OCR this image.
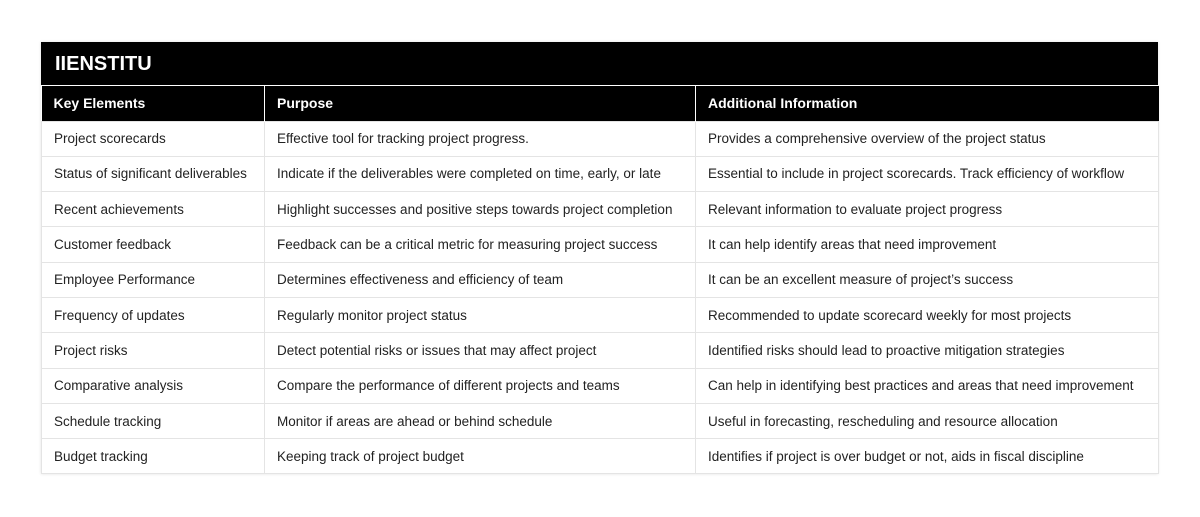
IIENSTITU
Key Elements	Purpose	Additional Information
Project scorecards	Effective tool for tracking project progress.	Provides a comprehensive overview of the project status
Status of significant deliverables	Indicate if the deliverables were completed on time, early, or late	Essential to include in project scorecards. Track efficiency of workflow
Recent achievements	Highlight successes and positive steps towards project completion	Relevant information to evaluate project progress
Customer feedback	Feedback can be a critical metric for measuring project success	It can help identify areas that need improvement
Employee Performance	Determines effectiveness and efficiency of team	It can be an excellent measure of project’s success
Frequency of updates	Regularly monitor project status	Recommended to update scorecard weekly for most projects
Project risks	Detect potential risks or issues that may affect project	Identified risks should lead to proactive mitigation strategies
Comparative analysis	Compare the performance of different projects and teams	Can help in identifying best practices and areas that need improvement
Schedule tracking	Monitor if areas are ahead or behind schedule	Useful in forecasting, rescheduling and resource allocation
Budget tracking	Keeping track of project budget	Identifies if project is over budget or not, aids in fiscal discipline
